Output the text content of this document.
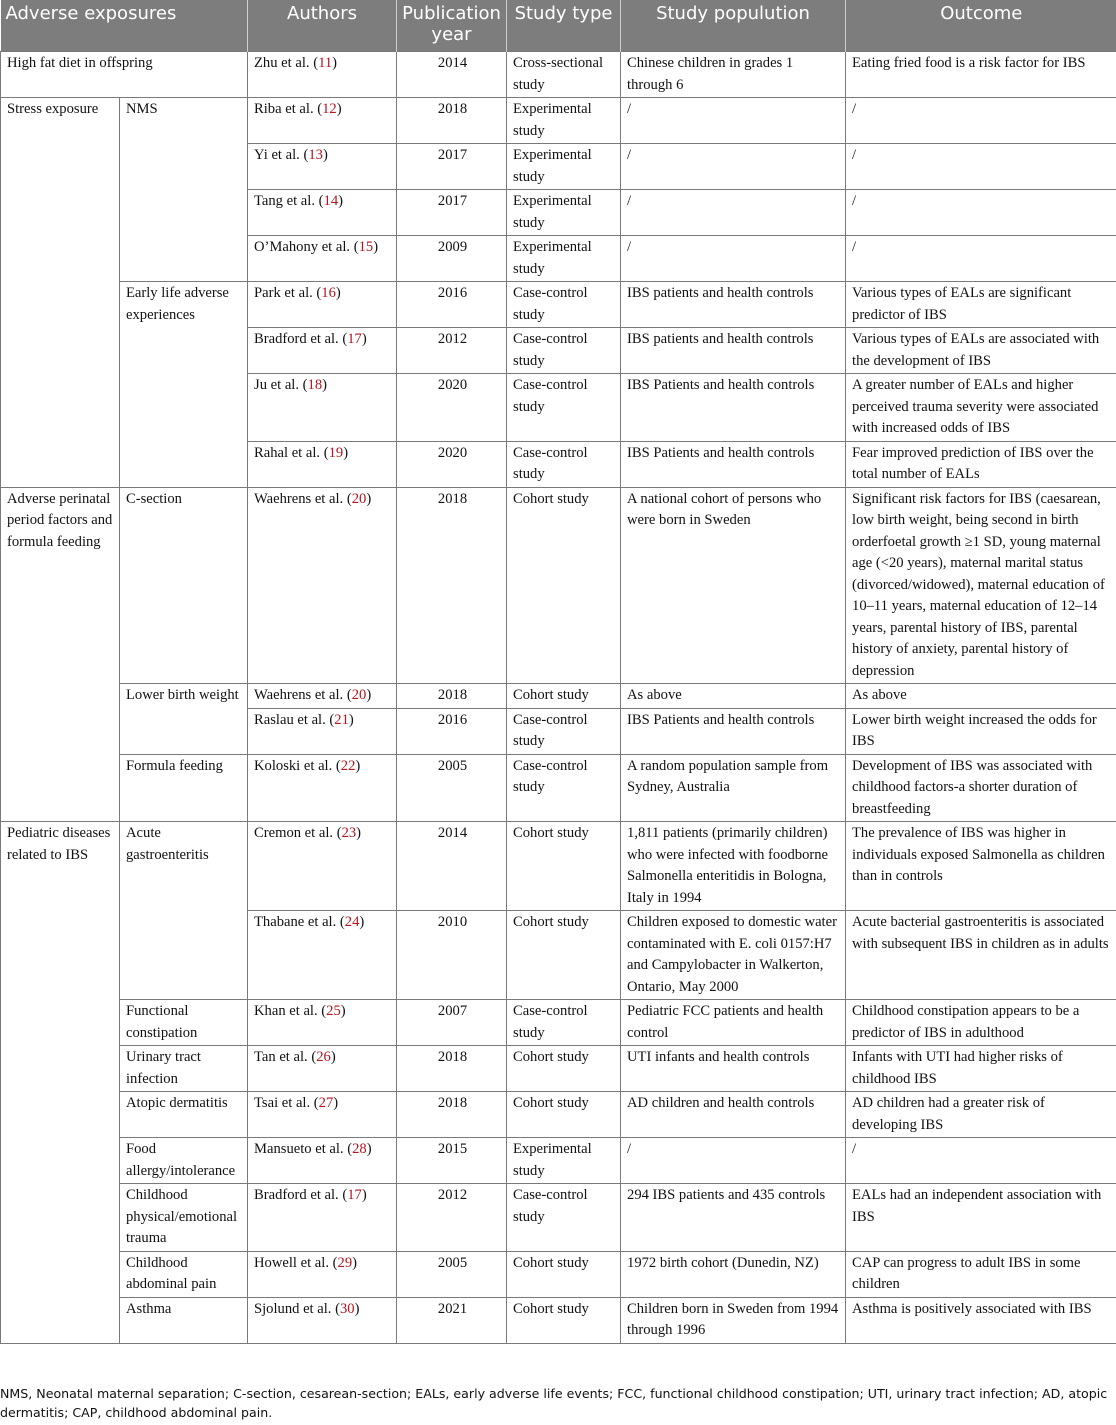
Adverse exposures		Authors	Publication year	Study type	Study populution	Outcome
High fat diet in offspring		Zhu et al. (11)	2014	Cross-sectional study	Chinese children in grades 1 through 6	Eating fried food is a risk factor for IBS
Stress exposure	NMS	Riba et al. (12)	2018	Experimental study	/	/
		Yi et al. (13)	2017	Experimental study	/	/
		Tang et al. (14)	2017	Experimental study	/	/
		O’Mahony et al. (15)	2009	Experimental study	/	/
	Early life adverse experiences	Park et al. (16)	2016	Case-control study	IBS patients and health controls	Various types of EALs are significant predictor of IBS
		Bradford et al. (17)	2012	Case-control study	IBS patients and health controls	Various types of EALs are associated with the development of IBS
		Ju et al. (18)	2020	Case-control study	IBS Patients and health controls	A greater number of EALs and higher perceived trauma severity were associated with increased odds of IBS
		Rahal et al. (19)	2020	Case-control study	IBS Patients and health controls	Fear improved prediction of IBS over the total number of EALs
Adverse perinatal period factors and formula feeding	C-section	Waehrens et al. (20)	2018	Cohort study	A national cohort of persons who were born in Sweden	Significant risk factors for IBS (caesarean, low birth weight, being second in birth orderfoetal growth ≥1 SD, young maternal age (<20 years), maternal marital status (divorced/widowed), maternal education of 10–11 years, maternal education of 12–14 years, parental history of IBS, parental history of anxiety, parental history of depression
	Lower birth weight	Waehrens et al. (20)	2018	Cohort study	As above	As above
		Raslau et al. (21)	2016	Case-control study	IBS Patients and health controls	Lower birth weight increased the odds for IBS
	Formula feeding	Koloski et al. (22)	2005	Case-control study	A random population sample from Sydney, Australia	Development of IBS was associated with childhood factors-a shorter duration of breastfeeding
Pediatric diseases related to IBS	Acute gastroenteritis	Cremon et al. (23)	2014	Cohort study	1,811 patients (primarily children) who were infected with foodborne Salmonella enteritidis in Bologna, Italy in 1994	The prevalence of IBS was higher in individuals exposed Salmonella as children than in controls
		Thabane et al. (24)	2010	Cohort study	Children exposed to domestic water contaminated with E. coli 0157:H7 and Campylobacter in Walkerton, Ontario, May 2000	Acute bacterial gastroenteritis is associated with subsequent IBS in children as in adults
	Functional constipation	Khan et al. (25)	2007	Case-control study	Pediatric FCC patients and health control	Childhood constipation appears to be a predictor of IBS in adulthood
	Urinary tract infection	Tan et al. (26)	2018	Cohort study	UTI infants and health controls	Infants with UTI had higher risks of childhood IBS
	Atopic dermatitis	Tsai et al. (27)	2018	Cohort study	AD children and health controls	AD children had a greater risk of developing IBS
	Food allergy/intolerance	Mansueto et al. (28)	2015	Experimental study	/	/
	Childhood physical/emotional trauma	Bradford et al. (17)	2012	Case-control study	294 IBS patients and 435 controls	EALs had an independent association with IBS
	Childhood abdominal pain	Howell et al. (29)	2005	Cohort study	1972 birth cohort (Dunedin, NZ)	CAP can progress to adult IBS in some children
	Asthma	Sjolund et al. (30)	2021	Cohort study	Children born in Sweden from 1994 through 1996	Asthma is positively associated with IBS
NMS, Neonatal maternal separation; C-section, cesarean-section; EALs, early adverse life events; FCC, functional childhood constipation; UTI, urinary tract infection; AD, atopic dermatitis; CAP, childhood abdominal pain.
